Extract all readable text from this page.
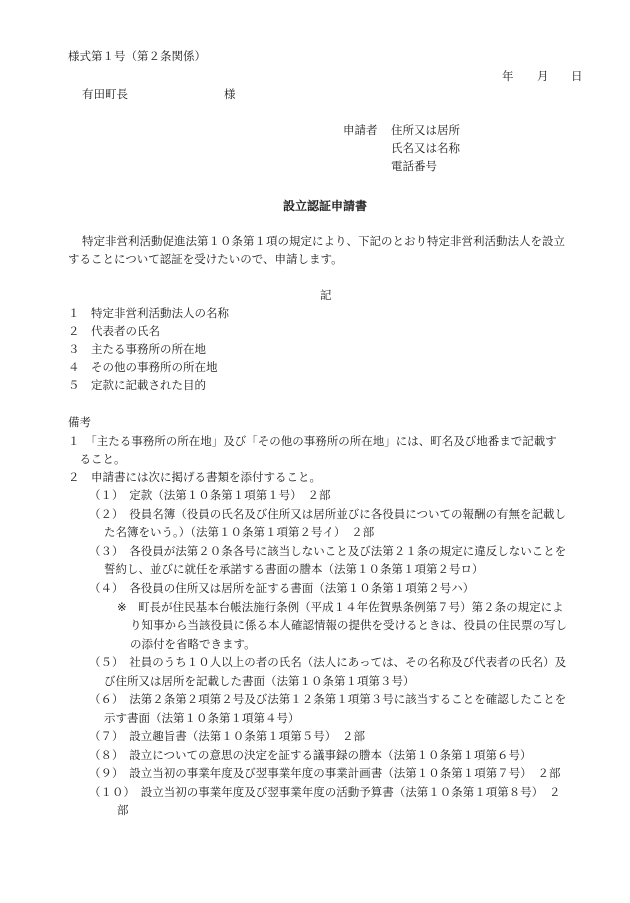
様式第１号（第２条関係）
年 月 日
有田町長	様
申請者 住所又は居所
氏名又は名称
電話番号
設立認証申請書
特定非営利活動促進法第１０条第１項の規定により、下記のとおり特定非営利活動法人を設立
することについて認証を受けたいので、申請します。
記
１　特定非営利活動法人の名称
２　代表者の氏名
３　主たる事務所の所在地
４　その他の事務所の所在地
５　定款に記載された目的
備考
１　「主たる事務所の所在地」及び「その他の事務所の所在地」には、町名及び地番まで記載す
　ること。
２　申請書には次に掲げる書類を添付すること。
（１）　定款（法第１０条第１項第１号）　２部
（２）　役員名簿（役員の氏名及び住所又は居所並びに各役員についての報酬の有無を記載し
た名簿をいう。）（法第１０条第１項第２号イ）　２部
（３）　各役員が法第２０条各号に該当しないこと及び法第２１条の規定に違反しないことを
誓約し、並びに就任を承諾する書面の謄本（法第１０条第１項第２号ロ）
（４）　各役員の住所又は居所を証する書面（法第１０条第１項第２号ハ）
※　町長が住民基本台帳法施行条例（平成１４年佐賀県条例第７号）第２条の規定によ
り知事から当該役員に係る本人確認情報の提供を受けるときは、役員の住民票の写し
の添付を省略できます。
（５）　社員のうち１０人以上の者の氏名（法人にあっては、その名称及び代表者の氏名）及
び住所又は居所を記載した書面（法第１０条第１項第３号）
（６）　法第２条第２項第２号及び法第１２条第１項第３号に該当することを確認したことを
示す書面（法第１０条第１項第４号）
（７）　設立趣旨書（法第１０条第１項第５号）　２部
（８）　設立についての意思の決定を証する議事録の謄本（法第１０条第１項第６号）
（９）　設立当初の事業年度及び翌事業年度の事業計画書（法第１０条第１項第７号）　２部
（１０）　設立当初の事業年度及び翌事業年度の活動予算書（法第１０条第１項第８号）　２
部
